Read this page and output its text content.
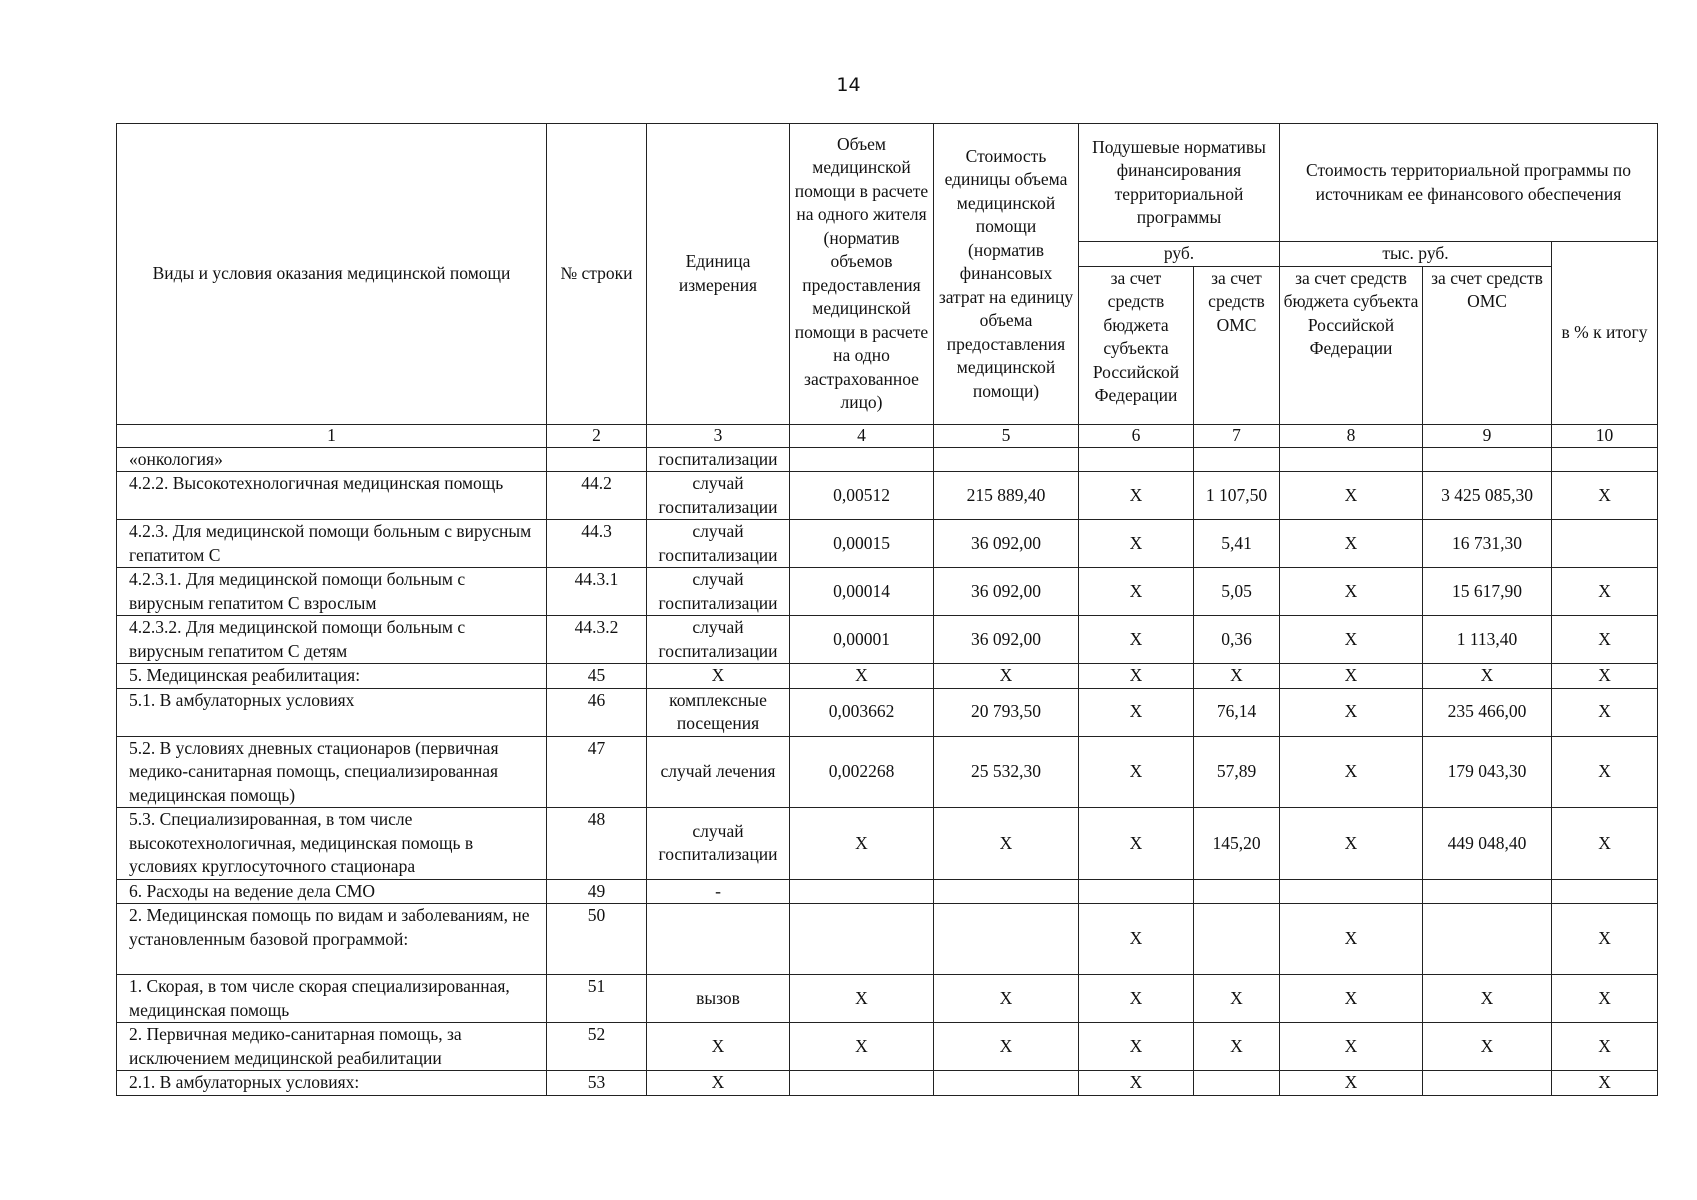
14
Виды и условия оказания медицинской помощи	№ строки	Единица измерения	Объем медицинской помощи в расчете на одного жителя (норматив объемов предоставления медицинской помощи в расчете на одно застрахованное лицо)	Стоимость единицы объема медицинской помощи (норматив финансовых затрат на единицу объема предоставления медицинской помощи)	Подушевые нормативы финансирования территориальной программы		Стоимость территориальной программы по источникам ее финансового обеспечения		
					руб.		тыс. руб.		в % к итогу
					за счет средств бюджета субъекта Российской Федерации	за счет средств ОМС	за счет средств бюджета субъекта Российской Федерации	за счет средств ОМС	
1	2	3	4	5	6	7	8	9	10
«онкология»		госпитализации							
4.2.2. Высокотехнологичная медицинская помощь	44.2	случай госпитализации	0,00512	215 889,40	X	1 107,50	X	3 425 085,30	X
4.2.3. Для медицинской помощи больным с вирусным гепатитом С	44.3	случай госпитализации	0,00015	36 092,00	X	5,41	X	16 731,30	
4.2.3.1. Для медицинской помощи больным с вирусным гепатитом С взрослым	44.3.1	случай госпитализации	0,00014	36 092,00	X	5,05	X	15 617,90	X
4.2.3.2. Для медицинской помощи больным с вирусным гепатитом С детям	44.3.2	случай госпитализации	0,00001	36 092,00	X	0,36	X	1 113,40	X
5. Медицинская реабилитация:	45	X	X	X	X	X	X	X	X
5.1. В амбулаторных условиях	46	комплексные посещения	0,003662	20 793,50	X	76,14	X	235 466,00	X
5.2. В условиях дневных стационаров (первичная медико-санитарная помощь, специализированная медицинская помощь)	47	случай лечения	0,002268	25 532,30	X	57,89	X	179 043,30	X
5.3. Специализированная, в том числе высокотехнологичная, медицинская помощь в условиях круглосуточного стационара	48	случай госпитализации	X	X	X	145,20	X	449 048,40	X
6. Расходы на ведение дела СМО	49	-							
2. Медицинская помощь по видам и заболеваниям, не установленным базовой программой:	50				X		X		X
1. Скорая, в том числе скорая специализированная, медицинская помощь	51	вызов	X	X	X	X	X	X	X
2. Первичная медико-санитарная помощь, за исключением медицинской реабилитации	52	X	X	X	X	X	X	X	X
2.1. В амбулаторных условиях:	53	X			X		X		X
